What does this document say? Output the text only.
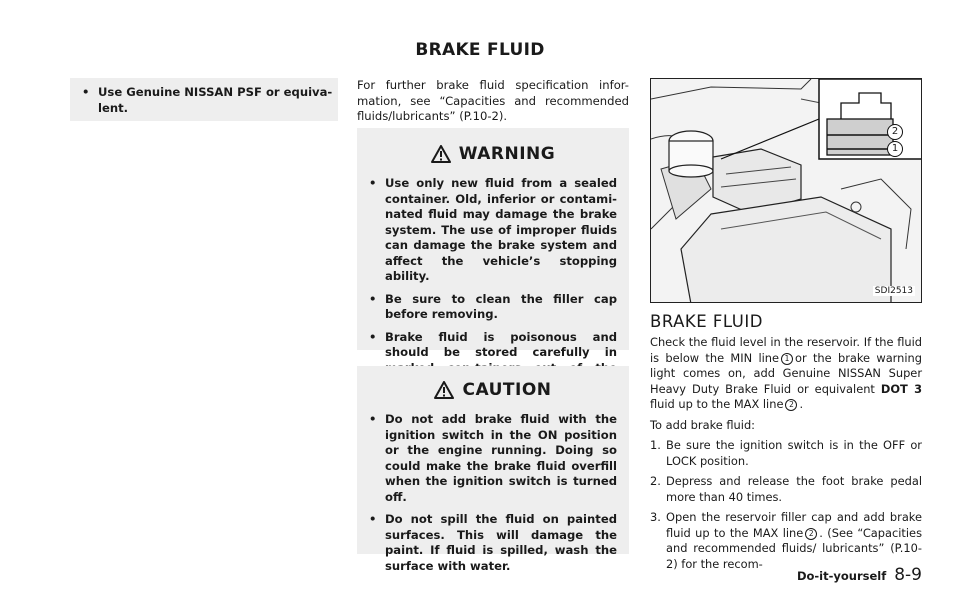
BRAKE FLUID
• Use Genuine NISSAN PSF or equiva-lent.
For further brake fluid specification infor-mation, see “Capacities and recommended fluids/lubricants” (P.10-2).
WARNING
• Use only new fluid from a sealed container. Old, inferior or contami-nated fluid may damage the brake system. The use of improper fluids can damage the brake system and affect the vehicle’s stopping ability.
• Be sure to clean the filler cap before removing.
• Brake fluid is poisonous and should be stored carefully in
CAUTION
• Do not add brake fluid with the ignition switch in the ON position or the engine running. Doing so could make the brake fluid overfill when the ignition switch is turned off.
• Do not spill the fluid on painted surfaces. This will damage the paint. If fluid is spilled, wash the surface with water.
2
1
SDI2513
BRAKE FLUID

Check the fluid level in the reservoir. If the fluid is below the MIN line 1 or the brake warning light comes on, add Genuine NISSAN Super Heavy Duty Brake Fluid or equivalent DOT 3 fluid up to the MAX line 2 .

To add brake fluid:

1. Be sure the ignition switch is in the OFF or LOCK position.
2. Depress and release the foot brake pedal more than 40 times.
3. Open the reservoir filler cap and add brake fluid up to the MAX line 2 . (See “Capacities and recommended fluids/ lubricants” (P.10-2) for the recom-
Do-it-yourself 8-9
